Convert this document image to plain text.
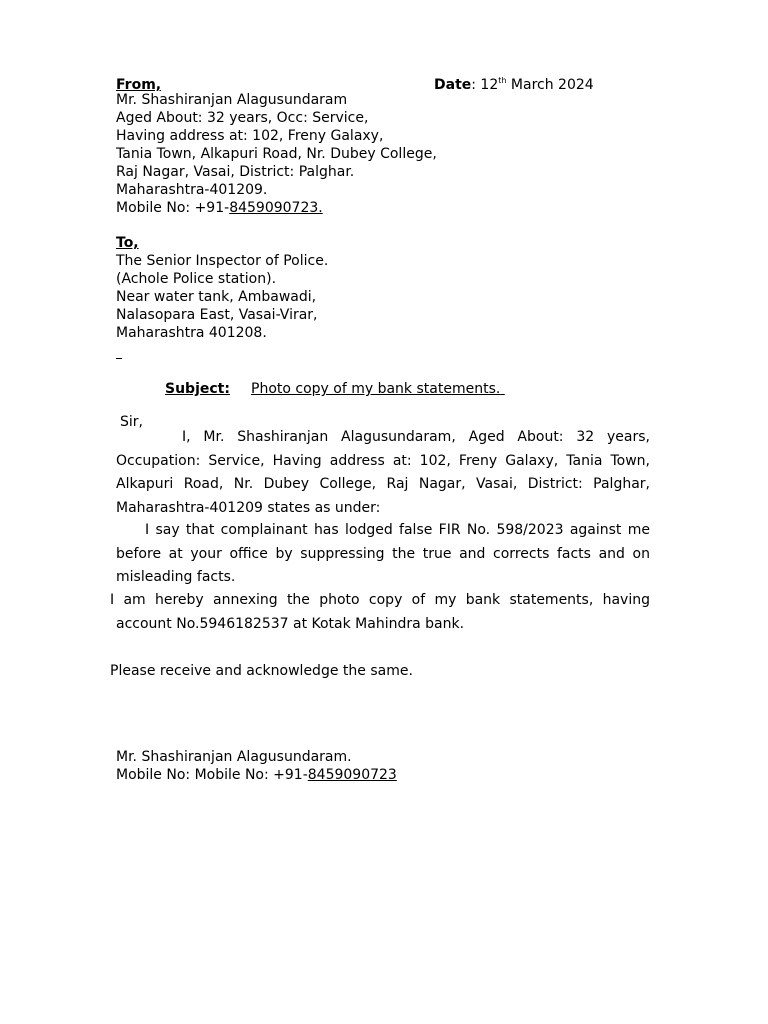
From,	Date: 12th March 2024
Mr. Shashiranjan Alagusundaram
Aged About: 32 years, Occ: Service,
Having address at: 102, Freny Galaxy,
Tania Town, Alkapuri Road, Nr. Dubey College,
Raj Nagar, Vasai, District: Palghar.
Maharashtra-401209.
Mobile No: +91-8459090723.
To,
The Senior Inspector of Police.
(Achole Police station).
Near water tank, Ambawadi,
Nalasopara East, Vasai-Virar,
Maharashtra 401208.
Subject: Photo copy of my bank statements.
Sir,
I, Mr. Shashiranjan Alagusundaram, Aged About: 32 years, Occupation: Service, Having address at: 102, Freny Galaxy, Tania Town, Alkapuri Road, Nr. Dubey College, Raj Nagar, Vasai, District: Palghar, Maharashtra-401209 states as under:
I say that complainant has lodged false FIR No. 598/2023 against me before at your office by suppressing the true and corrects facts and on misleading facts.
I am hereby annexing the photo copy of my bank statements, having
account No.5946182537 at Kotak Mahindra bank.
Please receive and acknowledge the same.
Mr. Shashiranjan Alagusundaram.
Mobile No: Mobile No: +91-8459090723
